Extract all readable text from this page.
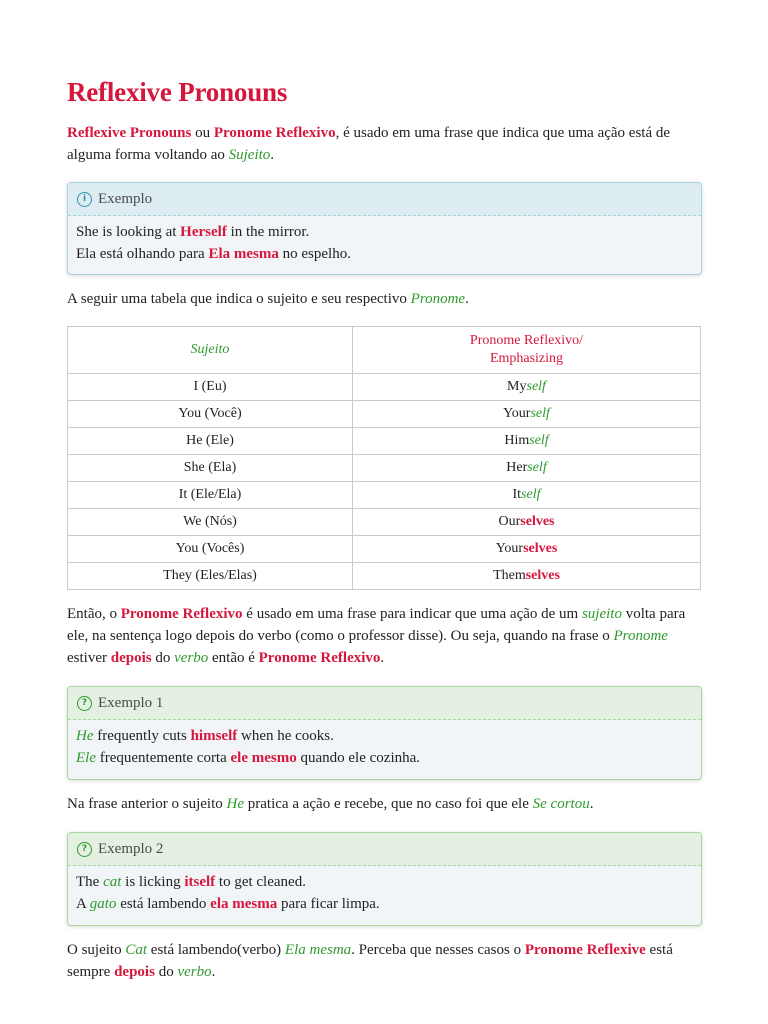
Reflexive Pronouns

Reflexive Pronouns ou Pronome Reflexivo, é usado em uma frase que indica que uma ação está de alguma forma voltando ao Sujeito.

i Exemplo
She is looking at Herself in the mirror.
Ela está olhando para Ela mesma no espelho.

A seguir uma tabela que indica o sujeito e seu respectivo Pronome.

Sujeito	Pronome Reflexivo/
Emphasizing
I (Eu)	Myself
You (Você)	Yourself
He (Ele)	Himself
She (Ela)	Herself
It (Ele/Ela)	Itself
We (Nós)	Ourselves
You (Vocês)	Yourselves
They (Eles/Elas)	Themselves

Então, o Pronome Reflexivo é usado em uma frase para indicar que uma ação de um sujeito volta para ele, na sentença logo depois do verbo (como o professor disse). Ou seja, quando na frase o Pronome estiver depois do verbo então é Pronome Reflexivo.

? Exemplo 1
He frequently cuts himself when he cooks.
Ele frequentemente corta ele mesmo quando ele cozinha.

Na frase anterior o sujeito He pratica a ação e recebe, que no caso foi que ele Se cortou.

? Exemplo 2
The cat is licking itself to get cleaned.
A gato está lambendo ela mesma para ficar limpa.

O sujeito Cat está lambendo(verbo) Ela mesma. Perceba que nesses casos o Pronome Reflexive está sempre depois do verbo.
